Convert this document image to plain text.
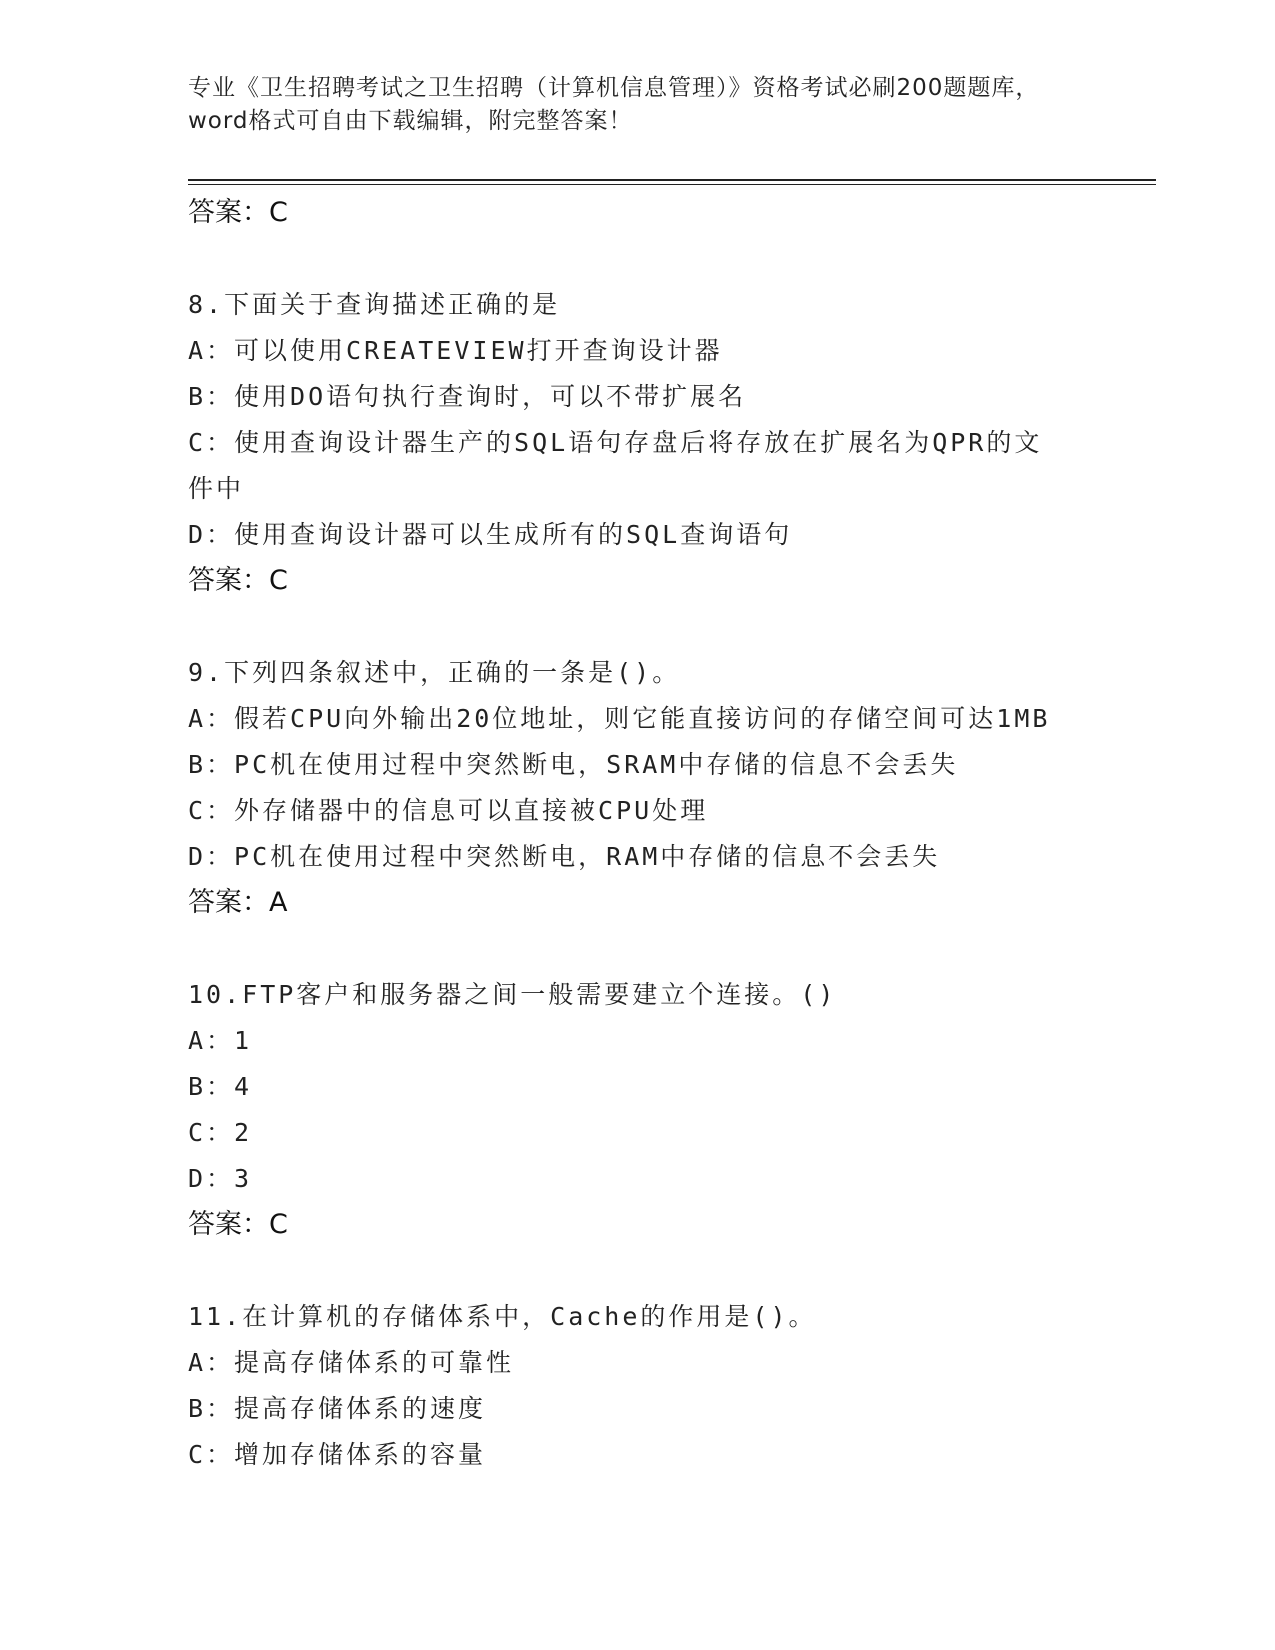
专业《卫生招聘考试之卫生招聘（计算机信息管理）》资格考试必刷200题题库，
word格式可自由下载编辑，附完整答案！
答案：C
8.下面关于查询描述正确的是
A：可以使用CREATEVIEW打开查询设计器
B：使用DO语句执行查询时，可以不带扩展名
C：使用查询设计器生产的SQL语句存盘后将存放在扩展名为QPR的文件中
D：使用查询设计器可以生成所有的SQL查询语句
答案：C
9.下列四条叙述中，正确的一条是()。
A：假若CPU向外输出20位地址，则它能直接访问的存储空间可达1MB
B：PC机在使用过程中突然断电，SRAM中存储的信息不会丢失
C：外存储器中的信息可以直接被CPU处理
D：PC机在使用过程中突然断电，RAM中存储的信息不会丢失
答案：A
10.FTP客户和服务器之间一般需要建立个连接。()
A：1
B：4
C：2
D：3
答案：C
11.在计算机的存储体系中，Cache的作用是()。
A：提高存储体系的可靠性
B：提高存储体系的速度
C：增加存储体系的容量
